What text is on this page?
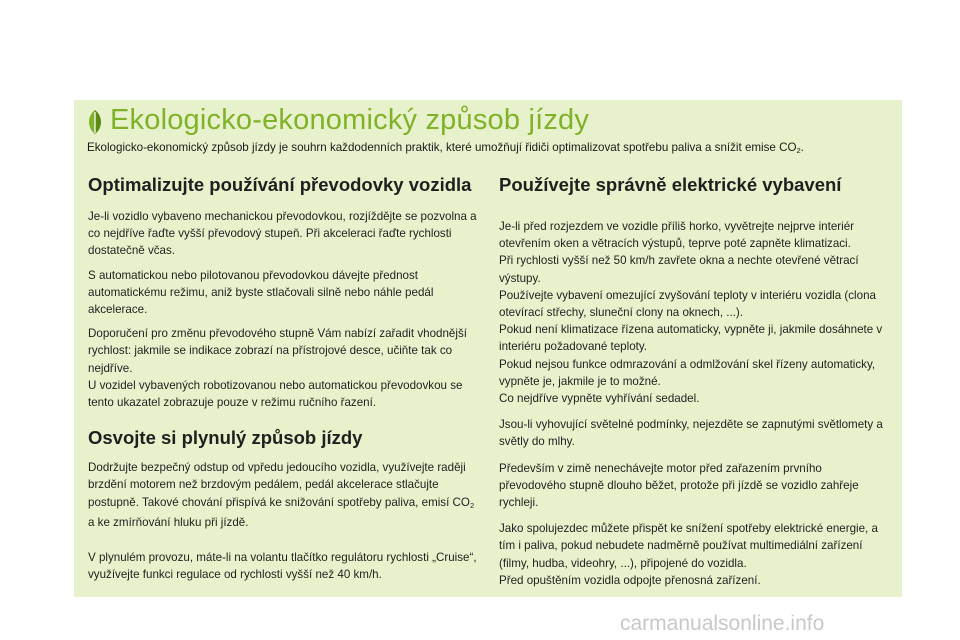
Ekologicko-ekonomický způsob jízdy
Ekologicko-ekonomický způsob jízdy je souhrn každodenních praktik, které umožňují řidiči optimalizovat spotřebu paliva a snížit emise $CO_2$.
Optimalizujte používání převodovky vozidla
Je-li vozidlo vybaveno mechanickou převodovkou, rozjíždějte se pozvolna a co nejdříve řaďte vyšší převodový stupeň. Při akceleraci řaďte rychlosti dostatečně včas.
S automatickou nebo pilotovanou převodovkou dávejte přednost automatickému režimu, aniž byste stlačovali silně nebo náhle pedál akcelerace.
Doporučení pro změnu převodového stupně Vám nabízí zařadit vhodnější rychlost: jakmile se indikace zobrazí na přístrojové desce, učiňte tak co nejdříve.
U vozidel vybavených robotizovanou nebo automatickou převodovkou se tento ukazatel zobrazuje pouze v režimu ručního řazení.
Osvojte si plynulý způsob jízdy
Dodržujte bezpečný odstup od vpředu jedoucího vozidla, využívejte raději brzdění motorem než brzdovým pedálem, pedál akcelerace stlačujte postupně. Takové chování přispívá ke snižování spotřeby paliva, emisí $CO_2$ a ke zmírňování hluku při jízdě.
V plynulém provozu, máte-li na volantu tlačítko regulátoru rychlosti „Cruise“, využívejte funkci regulace od rychlosti vyšší než 40 km/h.
Používejte správně elektrické vybavení
Je-li před rozjezdem ve vozidle příliš horko, vyvětrejte nejprve interiér otevřením oken a větracích výstupů, teprve poté zapněte klimatizaci.
Při rychlosti vyšší než 50 km/h zavřete okna a nechte otevřené větrací výstupy.
Používejte vybavení omezující zvyšování teploty v interiéru vozidla (clona otevírací střechy, sluneční clony na oknech, ...).
Pokud není klimatizace řízena automaticky, vypněte ji, jakmile dosáhnete v interiéru požadované teploty.
Pokud nejsou funkce odmrazování a odmlžování skel řízeny automaticky, vypněte je, jakmile je to možné.
Co nejdříve vypněte vyhřívání sedadel.
Jsou-li vyhovující světelné podmínky, nejezděte se zapnutými světlomety a světly do mlhy.
Především v zimě nenechávejte motor před zařazením prvního převodového stupně dlouho běžet, protože při jízdě se vozidlo zahřeje rychleji.
Jako spolujezdec můžete přispět ke snížení spotřeby elektrické energie, a tím i paliva, pokud nebudete nadměrně používat multimediální zařízení (filmy, hudba, videohry, ...), připojené do vozidla.
Před opuštěním vozidla odpojte přenosná zařízení.
carmanualsonline.info
